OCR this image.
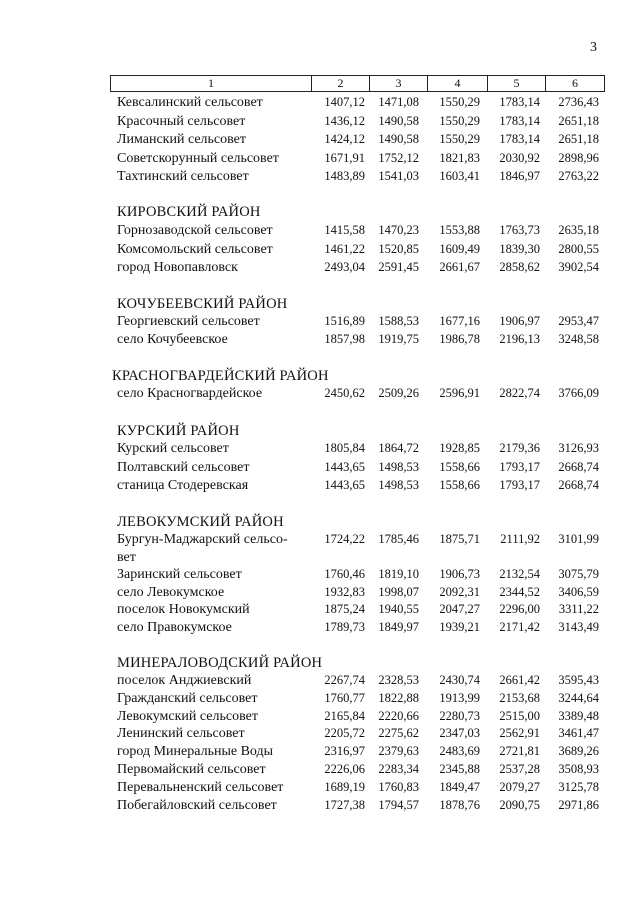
3
1	2	3	4	5	6
Кевсалинский сельсовет	1407,12	1471,08	1550,29	1783,14	2736,43
Красочный сельсовет	1436,12	1490,58	1550,29	1783,14	2651,18
Лиманский сельсовет	1424,12	1490,58	1550,29	1783,14	2651,18
Советскорунный сельсовет	1671,91	1752,12	1821,83	2030,92	2898,96
Тахтинский сельсовет	1483,89	1541,03	1603,41	1846,97	2763,22
КИРОВСКИЙ РАЙОН
Горнозаводской сельсовет	1415,58	1470,23	1553,88	1763,73	2635,18
Комсомольский сельсовет	1461,22	1520,85	1609,49	1839,30	2800,55
город Новопавловск	2493,04	2591,45	2661,67	2858,62	3902,54
КОЧУБЕЕВСКИЙ РАЙОН
Георгиевский сельсовет	1516,89	1588,53	1677,16	1906,97	2953,47
село Кочубеевское	1857,98	1919,75	1986,78	2196,13	3248,58
КРАСНОГВАРДЕЙСКИЙ РАЙОН
село Красногвардейское	2450,62	2509,26	2596,91	2822,74	3766,09
КУРСКИЙ РАЙОН
Курский сельсовет	1805,84	1864,72	1928,85	2179,36	3126,93
Полтавский сельсовет	1443,65	1498,53	1558,66	1793,17	2668,74
станица Стодеревская	1443,65	1498,53	1558,66	1793,17	2668,74
ЛЕВОКУМСКИЙ РАЙОН
Бургун-Маджарский сельсо-	1724,22	1785,46	1875,71	2111,92	3101,99
вет
Заринский сельсовет	1760,46	1819,10	1906,73	2132,54	3075,79
село Левокумское	1932,83	1998,07	2092,31	2344,52	3406,59
поселок Новокумский	1875,24	1940,55	2047,27	2296,00	3311,22
село Правокумское	1789,73	1849,97	1939,21	2171,42	3143,49
МИНЕРАЛОВОДСКИЙ РАЙОН
поселок Анджиевский	2267,74	2328,53	2430,74	2661,42	3595,43
Гражданский сельсовет	1760,77	1822,88	1913,99	2153,68	3244,64
Левокумский сельсовет	2165,84	2220,66	2280,73	2515,00	3389,48
Ленинский сельсовет	2205,72	2275,62	2347,03	2562,91	3461,47
город Минеральные Воды	2316,97	2379,63	2483,69	2721,81	3689,26
Первомайский сельсовет	2226,06	2283,34	2345,88	2537,28	3508,93
Перевальненский сельсовет	1689,19	1760,83	1849,47	2079,27	3125,78
Побегайловский сельсовет	1727,38	1794,57	1878,76	2090,75	2971,86
